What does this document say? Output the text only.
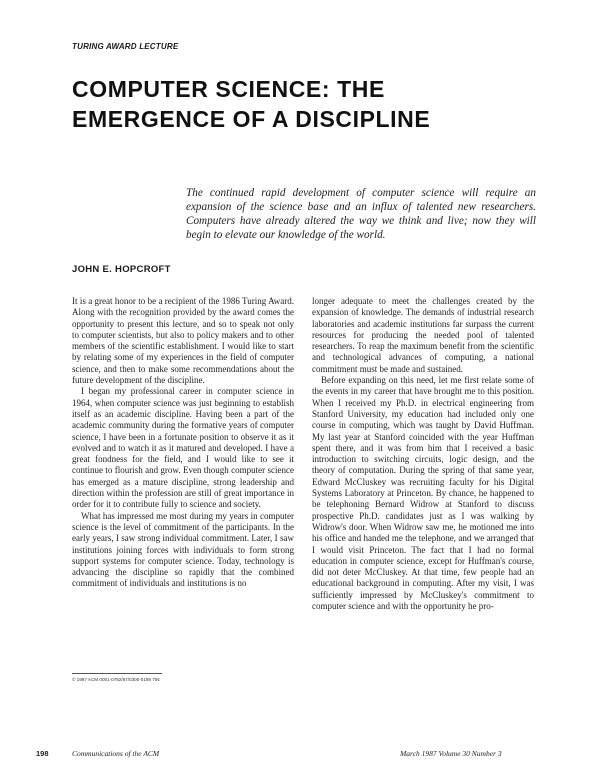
TURING AWARD LECTURE
COMPUTER SCIENCE: THE EMERGENCE OF A DISCIPLINE

The continued rapid development of computer science will require an expansion of the science base and an influx of talented new researchers. Computers have already altered the way we think and live; now they will begin to elevate our knowledge of the world.

JOHN E. HOPCROFT

It is a great honor to be a recipient of the 1986 Turing Award. Along with the recognition provided by the award comes the opportunity to present this lecture, and so to speak not only to computer scientists, but also to policy makers and to other members of the scientific establishment. I would like to start by relating some of my experiences in the field of computer science, and then to make some recommendations about the future development of the discipline.

I began my professional career in computer science in 1964, when computer science was just beginning to establish itself as an academic discipline. Having been a part of the academic community during the formative years of computer science, I have been in a fortunate position to observe it as it evolved and to watch it as it matured and developed. I have a great fondness for the field, and I would like to see it continue to flourish and grow. Even though computer science has emerged as a mature discipline, strong leadership and direction within the profession are still of great importance in order for it to contribute fully to science and society.

What has impressed me most during my years in computer science is the level of commitment of the participants. In the early years, I saw strong individual commitment. Later, I saw institutions joining forces with individuals to form strong support systems for computer science. Today, technology is advancing the discipline so rapidly that the combined commitment of individuals and institutions is no

longer adequate to meet the challenges created by the expansion of knowledge. The demands of industrial research laboratories and academic institutions far surpass the current resources for producing the needed pool of talented researchers. To reap the maximum benefit from the scientific and technological advances of computing, a national commitment must be made and sustained.

Before expanding on this need, let me first relate some of the events in my career that have brought me to this position. When I received my Ph.D. in electrical engineering from Stanford University, my education had included only one course in computing, which was taught by David Huffman. My last year at Stanford coincided with the year Huffman spent there, and it was from him that I received a basic introduction to switching circuits, logic design, and the theory of computation. During the spring of that same year, Edward McCluskey was recruiting faculty for his Digital Systems Laboratory at Princeton. By chance, he happened to be telephoning Bernard Widrow at Stanford to discuss prospective Ph.D. candidates just as I was walking by Widrow's door. When Widrow saw me, he motioned me into his office and handed me the telephone, and we arranged that I would visit Princeton. The fact that I had no formal education in computer science, except for Huffman's course, did not deter McCluskey. At that time, few people had an educational background in computing. After my visit, I was sufficiently impressed by McCluskey's commitment to computer science and with the opportunity he pro-

© 1987 ACM 0001-0782/87/0300-0198 75¢
198	Communications of the ACM	March 1987 Volume 30 Number 3
